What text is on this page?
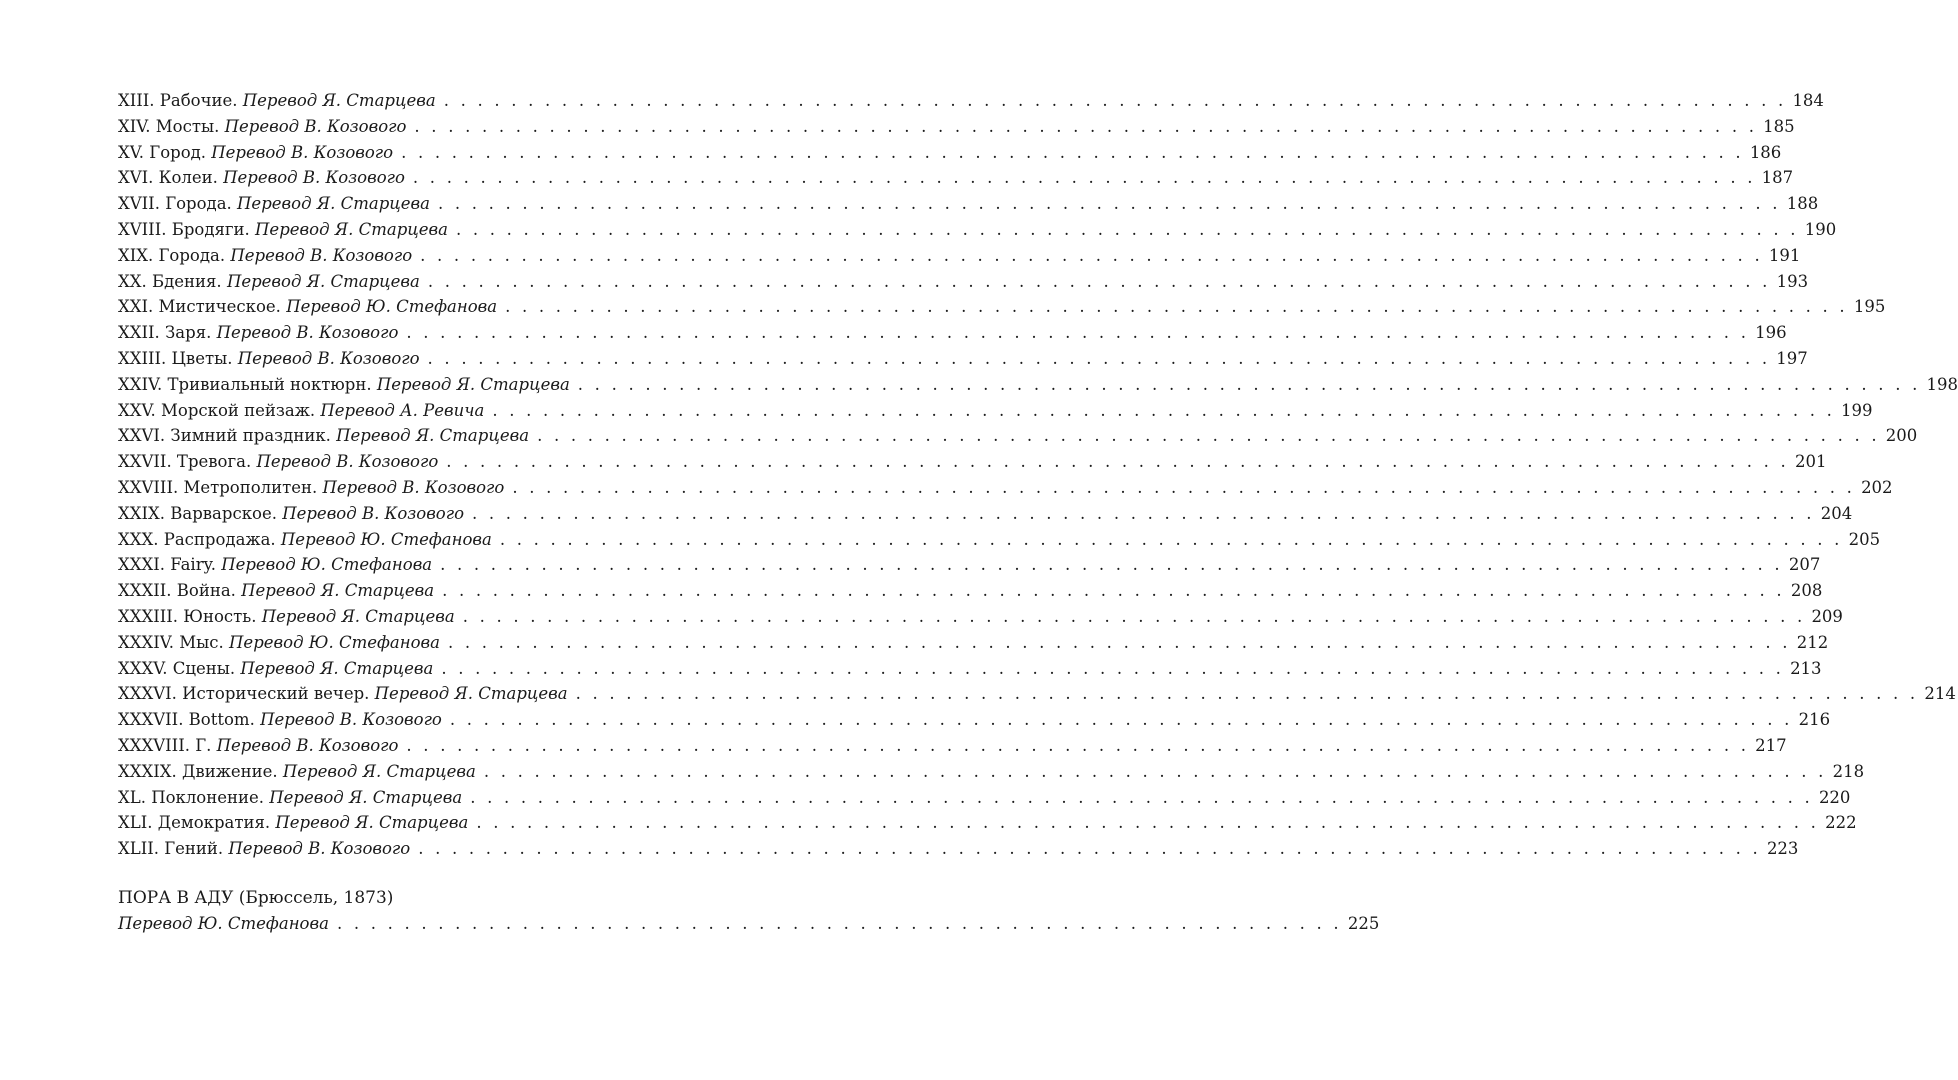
XIII. Рабочие. Перевод Я. Старцева . . . . . . . . . . . . . . . . . . . . . . . . . . . . . . . . . . . . . . . . . . . . . . . . . . . . . . . . . . . . . . . . . . . . . . . . . . . . . . . . 184
XIV. Мосты. Перевод В. Козового . . . . . . . . . . . . . . . . . . . . . . . . . . . . . . . . . . . . . . . . . . . . . . . . . . . . . . . . . . . . . . . . . . . . . . . . . . . . . . . . 185
XV. Город. Перевод В. Козового . . . . . . . . . . . . . . . . . . . . . . . . . . . . . . . . . . . . . . . . . . . . . . . . . . . . . . . . . . . . . . . . . . . . . . . . . . . . . . . . 186
XVI. Колеи. Перевод В. Козового . . . . . . . . . . . . . . . . . . . . . . . . . . . . . . . . . . . . . . . . . . . . . . . . . . . . . . . . . . . . . . . . . . . . . . . . . . . . . . . . 187
XVII. Города. Перевод Я. Старцева . . . . . . . . . . . . . . . . . . . . . . . . . . . . . . . . . . . . . . . . . . . . . . . . . . . . . . . . . . . . . . . . . . . . . . . . . . . . . . . . 188
XVIII. Бродяги. Перевод Я. Старцева . . . . . . . . . . . . . . . . . . . . . . . . . . . . . . . . . . . . . . . . . . . . . . . . . . . . . . . . . . . . . . . . . . . . . . . . . . . . . . . . 190
XIX. Города. Перевод В. Козового . . . . . . . . . . . . . . . . . . . . . . . . . . . . . . . . . . . . . . . . . . . . . . . . . . . . . . . . . . . . . . . . . . . . . . . . . . . . . . . . 191
XX. Бдения. Перевод Я. Старцева . . . . . . . . . . . . . . . . . . . . . . . . . . . . . . . . . . . . . . . . . . . . . . . . . . . . . . . . . . . . . . . . . . . . . . . . . . . . . . . . 193
XXI. Мистическое. Перевод Ю. Стефанова . . . . . . . . . . . . . . . . . . . . . . . . . . . . . . . . . . . . . . . . . . . . . . . . . . . . . . . . . . . . . . . . . . . . . . . . . . . . . . . . 195
XXII. Заря. Перевод В. Козового . . . . . . . . . . . . . . . . . . . . . . . . . . . . . . . . . . . . . . . . . . . . . . . . . . . . . . . . . . . . . . . . . . . . . . . . . . . . . . . . 196
XXIII. Цветы. Перевод В. Козового . . . . . . . . . . . . . . . . . . . . . . . . . . . . . . . . . . . . . . . . . . . . . . . . . . . . . . . . . . . . . . . . . . . . . . . . . . . . . . . . 197
XXIV. Тривиальный ноктюрн. Перевод Я. Старцева . . . . . . . . . . . . . . . . . . . . . . . . . . . . . . . . . . . . . . . . . . . . . . . . . . . . . . . . . . . . . . . . . . . . . . . . . . . . . . . . 198
XXV. Морской пейзаж. Перевод А. Ревича . . . . . . . . . . . . . . . . . . . . . . . . . . . . . . . . . . . . . . . . . . . . . . . . . . . . . . . . . . . . . . . . . . . . . . . . . . . . . . . . 199
XXVI. Зимний праздник. Перевод Я. Старцева . . . . . . . . . . . . . . . . . . . . . . . . . . . . . . . . . . . . . . . . . . . . . . . . . . . . . . . . . . . . . . . . . . . . . . . . . . . . . . . . 200
XXVII. Тревога. Перевод В. Козового . . . . . . . . . . . . . . . . . . . . . . . . . . . . . . . . . . . . . . . . . . . . . . . . . . . . . . . . . . . . . . . . . . . . . . . . . . . . . . . . 201
XXVIII. Метрополитен. Перевод В. Козового . . . . . . . . . . . . . . . . . . . . . . . . . . . . . . . . . . . . . . . . . . . . . . . . . . . . . . . . . . . . . . . . . . . . . . . . . . . . . . . . 202
XXIX. Варварское. Перевод В. Козового . . . . . . . . . . . . . . . . . . . . . . . . . . . . . . . . . . . . . . . . . . . . . . . . . . . . . . . . . . . . . . . . . . . . . . . . . . . . . . . . 204
XXX. Распродажа. Перевод Ю. Стефанова . . . . . . . . . . . . . . . . . . . . . . . . . . . . . . . . . . . . . . . . . . . . . . . . . . . . . . . . . . . . . . . . . . . . . . . . . . . . . . . . 205
XXXI. Fairy. Перевод Ю. Стефанова . . . . . . . . . . . . . . . . . . . . . . . . . . . . . . . . . . . . . . . . . . . . . . . . . . . . . . . . . . . . . . . . . . . . . . . . . . . . . . . . 207
XXXII. Война. Перевод Я. Старцева . . . . . . . . . . . . . . . . . . . . . . . . . . . . . . . . . . . . . . . . . . . . . . . . . . . . . . . . . . . . . . . . . . . . . . . . . . . . . . . . 208
XXXIII. Юность. Перевод Я. Старцева . . . . . . . . . . . . . . . . . . . . . . . . . . . . . . . . . . . . . . . . . . . . . . . . . . . . . . . . . . . . . . . . . . . . . . . . . . . . . . . . 209
XXXIV. Мыс. Перевод Ю. Стефанова . . . . . . . . . . . . . . . . . . . . . . . . . . . . . . . . . . . . . . . . . . . . . . . . . . . . . . . . . . . . . . . . . . . . . . . . . . . . . . . . 212
XXXV. Сцены. Перевод Я. Старцева . . . . . . . . . . . . . . . . . . . . . . . . . . . . . . . . . . . . . . . . . . . . . . . . . . . . . . . . . . . . . . . . . . . . . . . . . . . . . . . . 213
XXXVI. Исторический вечер. Перевод Я. Старцева . . . . . . . . . . . . . . . . . . . . . . . . . . . . . . . . . . . . . . . . . . . . . . . . . . . . . . . . . . . . . . . . . . . . . . . . . . . . . . . . 214
XXXVII. Bottom. Перевод В. Козового . . . . . . . . . . . . . . . . . . . . . . . . . . . . . . . . . . . . . . . . . . . . . . . . . . . . . . . . . . . . . . . . . . . . . . . . . . . . . . . . 216
XXXVIII. Г. Перевод В. Козового . . . . . . . . . . . . . . . . . . . . . . . . . . . . . . . . . . . . . . . . . . . . . . . . . . . . . . . . . . . . . . . . . . . . . . . . . . . . . . . . 217
XXXIX. Движение. Перевод Я. Старцева . . . . . . . . . . . . . . . . . . . . . . . . . . . . . . . . . . . . . . . . . . . . . . . . . . . . . . . . . . . . . . . . . . . . . . . . . . . . . . . . 218
XL. Поклонение. Перевод Я. Старцева . . . . . . . . . . . . . . . . . . . . . . . . . . . . . . . . . . . . . . . . . . . . . . . . . . . . . . . . . . . . . . . . . . . . . . . . . . . . . . . . 220
XLI. Демократия. Перевод Я. Старцева . . . . . . . . . . . . . . . . . . . . . . . . . . . . . . . . . . . . . . . . . . . . . . . . . . . . . . . . . . . . . . . . . . . . . . . . . . . . . . . . 222
XLII. Гений. Перевод В. Козового . . . . . . . . . . . . . . . . . . . . . . . . . . . . . . . . . . . . . . . . . . . . . . . . . . . . . . . . . . . . . . . . . . . . . . . . . . . . . . . . 223
ПОРА В АДУ (Брюссель, 1873)
Перевод Ю. Стефанова . . . . . . . . . . . . . . . . . . . . . . . . . . . . . . . . . . . . . . . . . . . . . . . . . . . . . . . . . . . . 225
